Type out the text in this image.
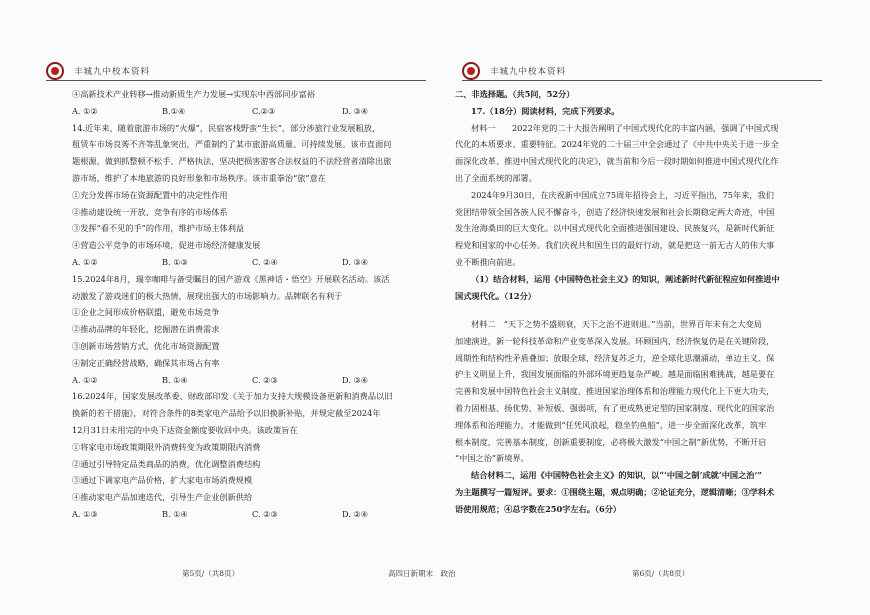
丰城九中校本资料	丰城九中校本资料
④高新技术产业转移→推动新质生产力发展→实现东中西部同步富裕
A. ①②	B.①④	C.②③	D. ③④
14.近年来，随着旅游市场的“火爆”，民宿客栈野蛮“生长”，部分涉旅行业发展粗放，
租赁车市场良莠不齐等乱象突出，严重制约了某市旅游高质量、可持续发展。该市直面问
题根源，做到抓整顿不松手、严格执法，坚决把损害游客合法权益的不法经营者清除出旅
游市场，维护了本地旅游的良好形象和市场秩序。该市重拳治“旅”意在
①充分发挥市场在资源配置中的决定性作用
②推动建设统一开放、竞争有序的市场体系
③发挥“看不见的手”的作用，维护市场主体利益
④营造公平竞争的市场环境，促进市场经济健康发展
A. ①②	B. ①③	C. ②④	D. ③④
15.2024年8月，瑞幸咖啡与备受瞩目的国产游戏《黑神话・悟空》开展联名活动。该活
动激发了游戏迷们的极大热情，展现出强大的市场影响力。品牌联名有利于
①企业之间形成价格联盟，避免市场竞争
②推动品牌的年轻化，挖掘潜在消费需求
③创新市场营销方式，优化市场资源配置
④制定正确经营战略，确保其市场占有率
A. ①②	B. ①④	C. ②③	D. ③④
16.2024年，国家发展改革委、财政部印发《关于加力支持大规模设备更新和消费品以旧
换新的若干措施》，对符合条件的8类家电产品给予以旧换新补贴，并规定截至2024年
12月31日未用完的中央下达资金额度要收回中央。该政策旨在
①将家电市场政策期限外消费转变为政策期限内消费
②通过引导特定品类商品的消费，优化调整消费结构
③通过下调家电产品价格，扩大家电市场消费规模
④推动家电产品加速迭代，引导生产企业创新供给
A. ①③	B. ①④	C. ②③	D. ②④
二、非选择题。（共5问，52分）
17.（18分）阅读材料，完成下列要求。
材料一　　2022年党的二十大报告阐明了中国式现代化的丰富内涵，强调了中国式现
代化的本质要求、重要特征。2024年党的二十届三中全会通过了《中共中央关于进一步全
面深化改革、推进中国式现代化的决定》，就当前和今后一段时期如何推进中国式现代化作
出了全面系统的部署。
2024年9月30日，在庆祝新中国成立75周年招待会上，习近平指出，75年来，我们
党团结带领全国各族人民不懈奋斗，创造了经济快速发展和社会长期稳定两大奇迹，中国
发生沧海桑田的巨大变化。以中国式现代化全面推进强国建设、民族复兴，是新时代新征
程党和国家的中心任务。我们庆祝共和国生日的最好行动，就是把这一前无古人的伟大事
业不断推向前进。
（1）结合材料，运用《中国特色社会主义》的知识，阐述新时代新征程应如何推进中
国式现代化。（12分）
材料二　“天下之势不盛则衰，天下之治不进则退。”当前，世界百年未有之大变局
加速演进，新一轮科技革命和产业变革深入发展。环顾国内，经济恢复仍是在关键阶段，
周期性和结构性矛盾叠加；放眼全球，经济复苏乏力，逆全球化思潮涌动，单边主义、保
护主义明显上升，我国发展面临的外部环境更趋复杂严峻。越是面临困难挑战，越是要在
完善和发展中国特色社会主义制度、推进国家治理体系和治理能力现代化上下更大功夫，
着力固根基、扬优势、补短板、强弱项，有了更成熟更定型的国家制度、现代化的国家治
理体系和治理能力，才能做到“任凭风浪起，稳坐钓鱼船”，进一步全面深化改革，筑牢
根本制度，完善基本制度，创新重要制度，必将极大激发“中国之制”新优势，不断开启
“中国之治”新境界。
结合材料二，运用《中国特色社会主义》的知识，以“‘中国之制’成就‘中国之治’”
为主题撰写一篇短评。要求：①围绕主题，观点明确；②论证充分，逻辑清晰；③学科术
语使用规范；④总字数在250字左右。（6分）
第5页/（共8页）	高四日新期末　政治	第6页/（共8页）
